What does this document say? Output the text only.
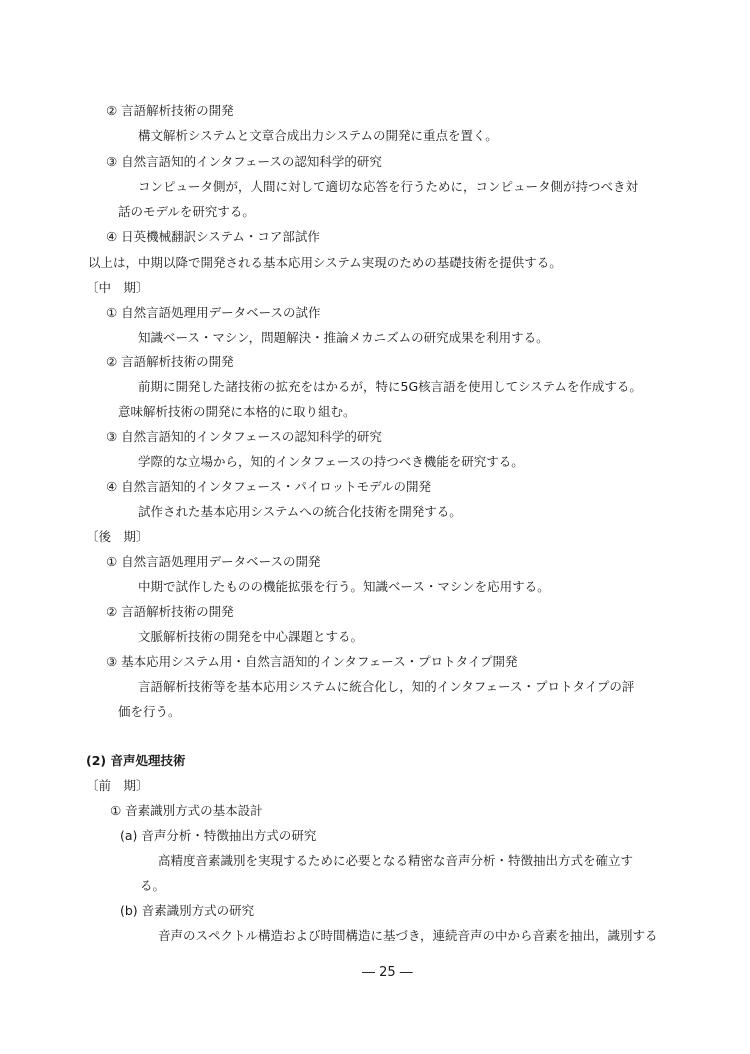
② 言語解析技術の開発
構文解析システムと文章合成出力システムの開発に重点を置く。
③ 自然言語知的インタフェースの認知科学的研究
コンピュータ側が，人間に対して適切な応答を行うために，コンピュータ側が持つべき対
話のモデルを研究する。
④ 日英機械翻訳システム・コア部試作
以上は，中期以降で開発される基本応用システム実現のための基礎技術を提供する。
〔中　期〕
① 自然言語処理用データベースの試作
知識ベース・マシン，問題解決・推論メカニズムの研究成果を利用する。
② 言語解析技術の開発
前期に開発した諸技術の拡充をはかるが，特に5G核言語を使用してシステムを作成する。
意味解析技術の開発に本格的に取り組む。
③ 自然言語知的インタフェースの認知科学的研究
学際的な立場から，知的インタフェースの持つべき機能を研究する。
④ 自然言語知的インタフェース・パイロットモデルの開発
試作された基本応用システムへの統合化技術を開発する。
〔後　期〕
① 自然言語処理用データベースの開発
中期で試作したものの機能拡張を行う。知識ベース・マシンを応用する。
② 言語解析技術の開発
文脈解析技術の開発を中心課題とする。
③ 基本応用システム用・自然言語知的インタフェース・プロトタイプ開発
言語解析技術等を基本応用システムに統合化し，知的インタフェース・プロトタイプの評
価を行う。
(2) 音声処理技術
〔前　期〕
① 音素識別方式の基本設計
(a) 音声分析・特徴抽出方式の研究
高精度音素識別を実現するために必要となる精密な音声分析・特徴抽出方式を確立す
る。
(b) 音素識別方式の研究
音声のスペクトル構造および時間構造に基づき，連続音声の中から音素を抽出，識別する
― 25 ―
